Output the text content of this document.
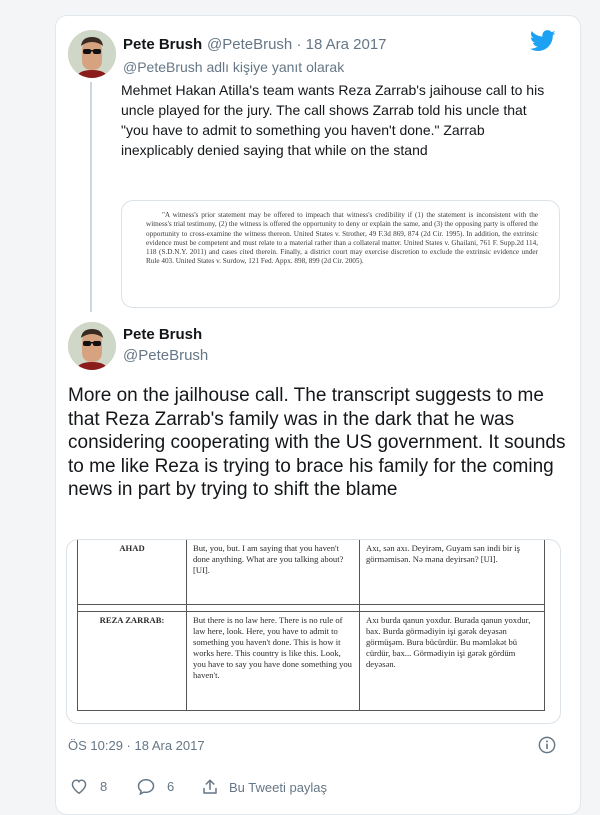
Pete Brush @PeteBrush · 18 Ara 2017
@PeteBrush adlı kişiye yanıt olarak
Mehmet Hakan Atilla's team wants Reza Zarrab's jaihouse call to his uncle played for the jury. The call shows Zarrab told his uncle that "you have to admit to something you haven't done." Zarrab inexplicably denied saying that while on the stand
"A witness's prior statement may be offered to impeach that witness's credibility if (1) the statement is inconsistent with the witness's trial testimony, (2) the witness is offered the opportunity to deny or explain the same, and (3) the opposing party is offered the opportunity to cross-examine the witness thereon. United States v. Strother, 49 F.3d 869, 874 (2d Cir. 1995). In addition, the extrinsic evidence must be competent and must relate to a material rather than a collateral matter. United States v. Ghailani, 761 F. Supp.2d 114, 118 (S.D.N.Y. 2011) and cases cited therein. Finally, a district court may exercise discretion to exclude the extrinsic evidence under Rule 403. United States v. Surdow, 121 Fed. Appx. 898, 899 (2d Cir. 2005).
Pete Brush
@PeteBrush
More on the jailhouse call. The transcript suggests to me that Reza Zarrab's family was in the dark that he was considering cooperating with the US government. It sounds to me like Reza is trying to brace his family for the coming news in part by trying to shift the blame
AHAD	But, you, but. I am saying that you haven't done anything. What are you talking about? [UI].	Axı, sən axı. Deyirəm, Guyam sən indi bir iş görməmisən. Nə məna deyirsən? [UI].

REZA ZARRAB:	But there is no law here. There is no rule of law here, look. Here, you have to admit to something you haven't done. This is how it works here. This country is like this. Look, you have to say you have done something you haven't.	Axı burda qanun yoxdur. Burada qanun yoxdur, bax. Burda görmədiyin işi gərək deyəsən görmüşəm. Bura bücürdür. Bu məmləkət bü cürdür, bax... Görmədiyin işi gərək gördüm deyəsən.
ÖS 10:29 · 18 Ara 2017
8	6	Bu Tweeti paylaş
